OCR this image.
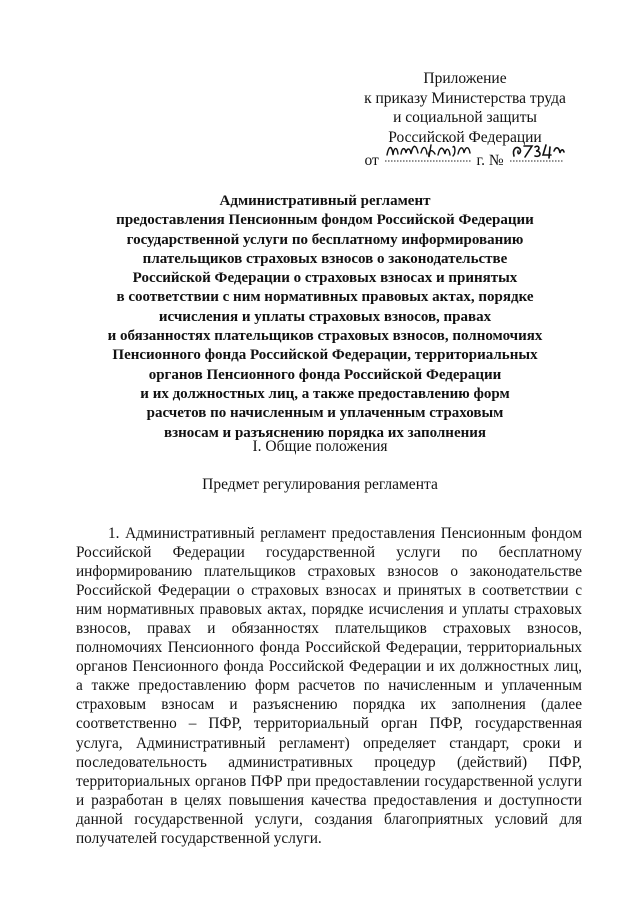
Приложение
к приказу Министерства труда
и социальной защиты
Российской Федерации
от	г. №
Административный регламент
предоставления Пенсионным фондом Российской Федерации
государственной услуги по бесплатному информированию
плательщиков страховых взносов о законодательстве
Российской Федерации о страховых взносах и принятых
в соответствии с ним нормативных правовых актах, порядке
исчисления и уплаты страховых взносов, правах
и обязанностях плательщиков страховых взносов, полномочиях
Пенсионного фонда Российской Федерации, территориальных
органов Пенсионного фонда Российской Федерации
и их должностных лиц, а также предоставлению форм
расчетов по начисленным и уплаченным страховым
взносам и разъяснению порядка их заполнения
I. Общие положения
Предмет регулирования регламента
1. Административный регламент предоставления Пенсионным фондом Российской Федерации государственной услуги по бесплатному информированию плательщиков страховых взносов о законодательстве Российской Федерации о страховых взносах и принятых в соответствии с ним нормативных правовых актах, порядке исчисления и уплаты страховых взносов, правах и обязанностях плательщиков страховых взносов, полномочиях Пенсионного фонда Российской Федерации, территориальных органов Пенсионного фонда Российской Федерации и их должностных лиц, а также предоставлению форм расчетов по начисленным и уплаченным страховым взносам и разъяснению порядка их заполнения (далее соответственно – ПФР, территориальный орган ПФР, государственная услуга, Административный регламент) определяет стандарт, сроки и последовательность административных процедур (действий) ПФР, территориальных органов ПФР при предоставлении государственной услуги и разработан в целях повышения качества предоставления и доступности данной государственной услуги, создания благоприятных условий для получателей государственной услуги.
